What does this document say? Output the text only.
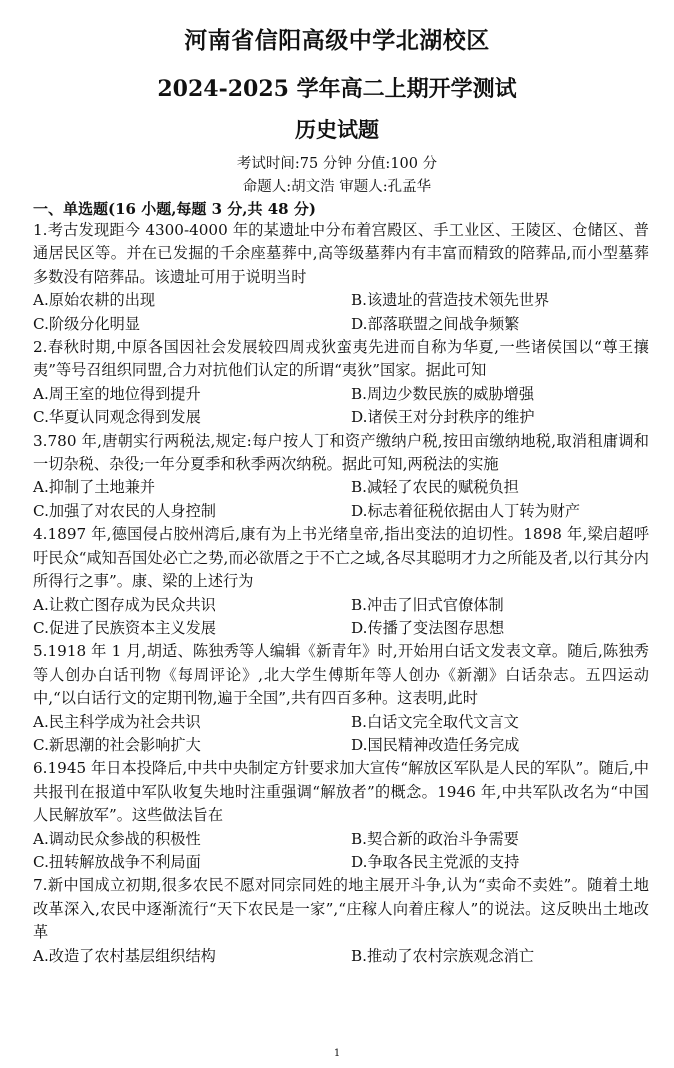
河南省信阳高级中学北湖校区
2024-2025 学年高二上期开学测试
历史试题
考试时间:75 分钟 分值:100 分
命题人:胡文浩 审题人:孔孟华
一、单选题(16 小题,每题 3 分,共 48 分)
1.考古发现距今 4300-4000 年的某遗址中分布着宫殿区、手工业区、王陵区、仓储区、普通居民区等。并在已发掘的千余座墓葬中,高等级墓葬内有丰富而精致的陪葬品,而小型墓葬多数没有陪葬品。该遗址可用于说明当时
A.原始农耕的出现	B.该遗址的营造技术领先世界
C.阶级分化明显	D.部落联盟之间战争频繁
2.春秋时期,中原各国因社会发展较四周戎狄蛮夷先进而自称为华夏,一些诸侯国以“尊王攘夷”等号召组织同盟,合力对抗他们认定的所谓“夷狄”国家。据此可知
A.周王室的地位得到提升	B.周边少数民族的威胁增强
C.华夏认同观念得到发展	D.诸侯王对分封秩序的维护
3.780 年,唐朝实行两税法,规定:每户按人丁和资产缴纳户税,按田亩缴纳地税,取消租庸调和一切杂税、杂役;一年分夏季和秋季两次纳税。据此可知,两税法的实施
A.抑制了土地兼并	B.减轻了农民的赋税负担
C.加强了对农民的人身控制	D.标志着征税依据由人丁转为财产
4.1897 年,德国侵占胶州湾后,康有为上书光绪皇帝,指出变法的迫切性。1898 年,梁启超呼吁民众“咸知吾国处必亡之势,而必欲厝之于不亡之域,各尽其聪明才力之所能及者,以行其分内所得行之事”。康、梁的上述行为
A.让救亡图存成为民众共识	B.冲击了旧式官僚体制
C.促进了民族资本主义发展	D.传播了变法图存思想
5.1918 年 1 月,胡适、陈独秀等人编辑《新青年》时,开始用白话文发表文章。随后,陈独秀等人创办白话刊物《每周评论》,北大学生傅斯年等人创办《新潮》白话杂志。五四运动中,“以白话行文的定期刊物,遍于全国”,共有四百多种。这表明,此时
A.民主科学成为社会共识	B.白话文完全取代文言文
C.新思潮的社会影响扩大	D.国民精神改造任务完成
6.1945 年日本投降后,中共中央制定方针要求加大宣传“解放区军队是人民的军队”。随后,中共报刊在报道中军队收复失地时注重强调“解放者”的概念。1946 年,中共军队改名为“中国人民解放军”。这些做法旨在
A.调动民众参战的积极性	B.契合新的政治斗争需要
C.扭转解放战争不利局面	D.争取各民主党派的支持
7.新中国成立初期,很多农民不愿对同宗同姓的地主展开斗争,认为“卖命不卖姓”。随着土地改革深入,农民中逐渐流行“天下农民是一家”,“庄稼人向着庄稼人”的说法。这反映出土地改革
A.改造了农村基层组织结构	B.推动了农村宗族观念消亡
1
